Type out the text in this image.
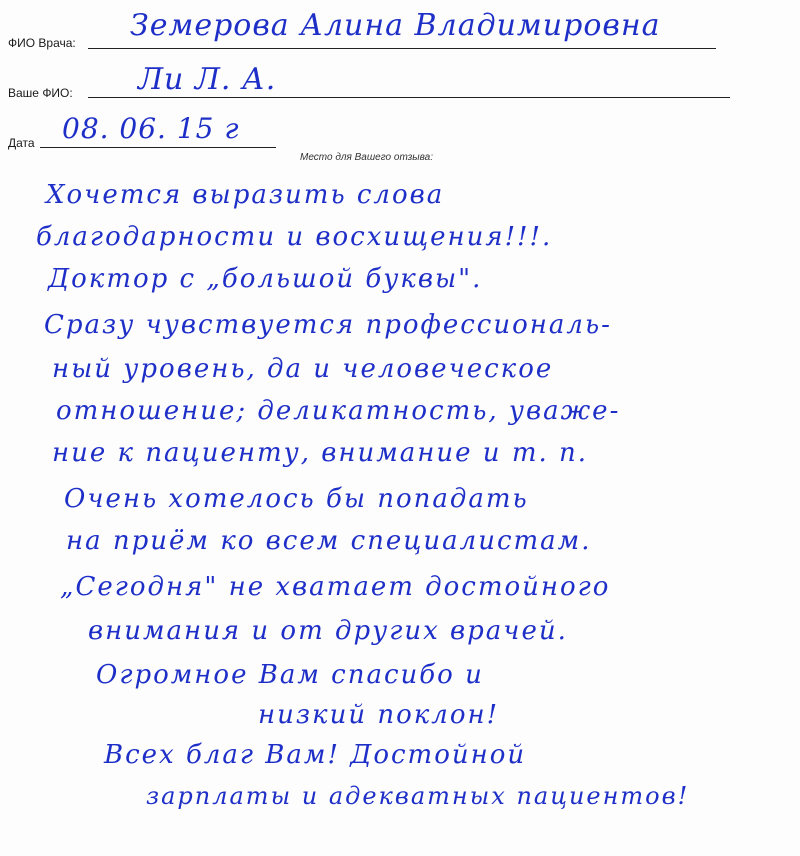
ФИО Врача: Земерова Алина Владимировна
Ваше ФИО: Ли Л. А.
Дата 08. 06. 15 г
Место для Вашего отзыва:
Хочется выразить слова
благодарности и восхищения!!!.
Доктор с „большой буквы".
Сразу чувствуется профессиональ-
ный уровень, да и человеческое
отношение; деликатность, уваже-
ние к пациенту, внимание и т. п.
Очень хотелось бы попадать
на приём ко всем специалистам.
„Сегодня" не хватает достойного
внимания и от других врачей.
Огромное Вам спасибо и
низкий поклон!
Всех благ Вам! Достойной
зарплаты и адекватных пациентов!
